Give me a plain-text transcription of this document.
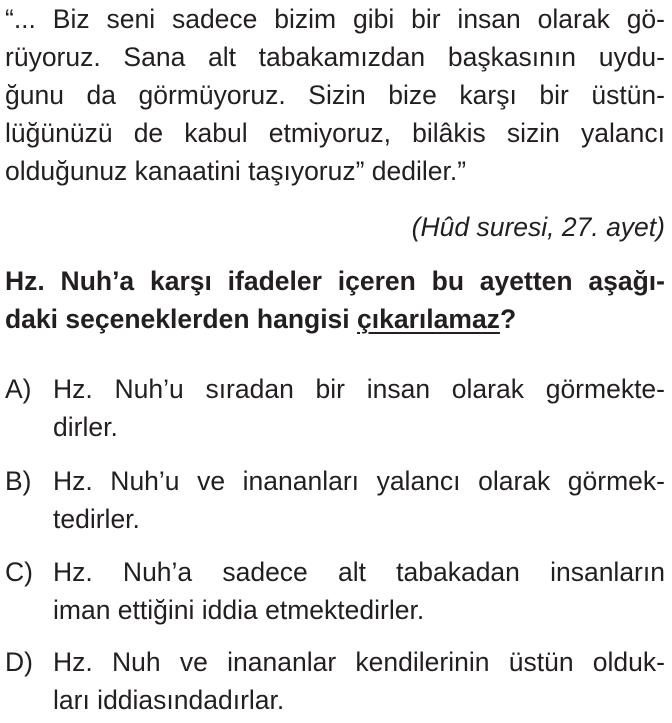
“... Biz seni sadece bizim gibi bir insan olarak gö-
rüyoruz. Sana alt tabakamızdan başkasının uydu-
ğunu da görmüyoruz. Sizin bize karşı bir üstün-
lüğünüzü de kabul etmiyoruz, bilâkis sizin yalancı
olduğunuz kanaatini taşıyoruz” dediler.”
(Hûd suresi, 27. ayet)
Hz. Nuh’a karşı ifadeler içeren bu ayetten aşağı-
daki seçeneklerden hangisi çıkarılamaz?
A) Hz. Nuh’u sıradan bir insan olarak görmekte-
dirler.
B) Hz. Nuh’u ve inananları yalancı olarak görmek-
tedirler.
C) Hz. Nuh’a sadece alt tabakadan insanların
iman ettiğini iddia etmektedirler.
D) Hz. Nuh ve inananlar kendilerinin üstün olduk-
ları iddiasındadırlar.
